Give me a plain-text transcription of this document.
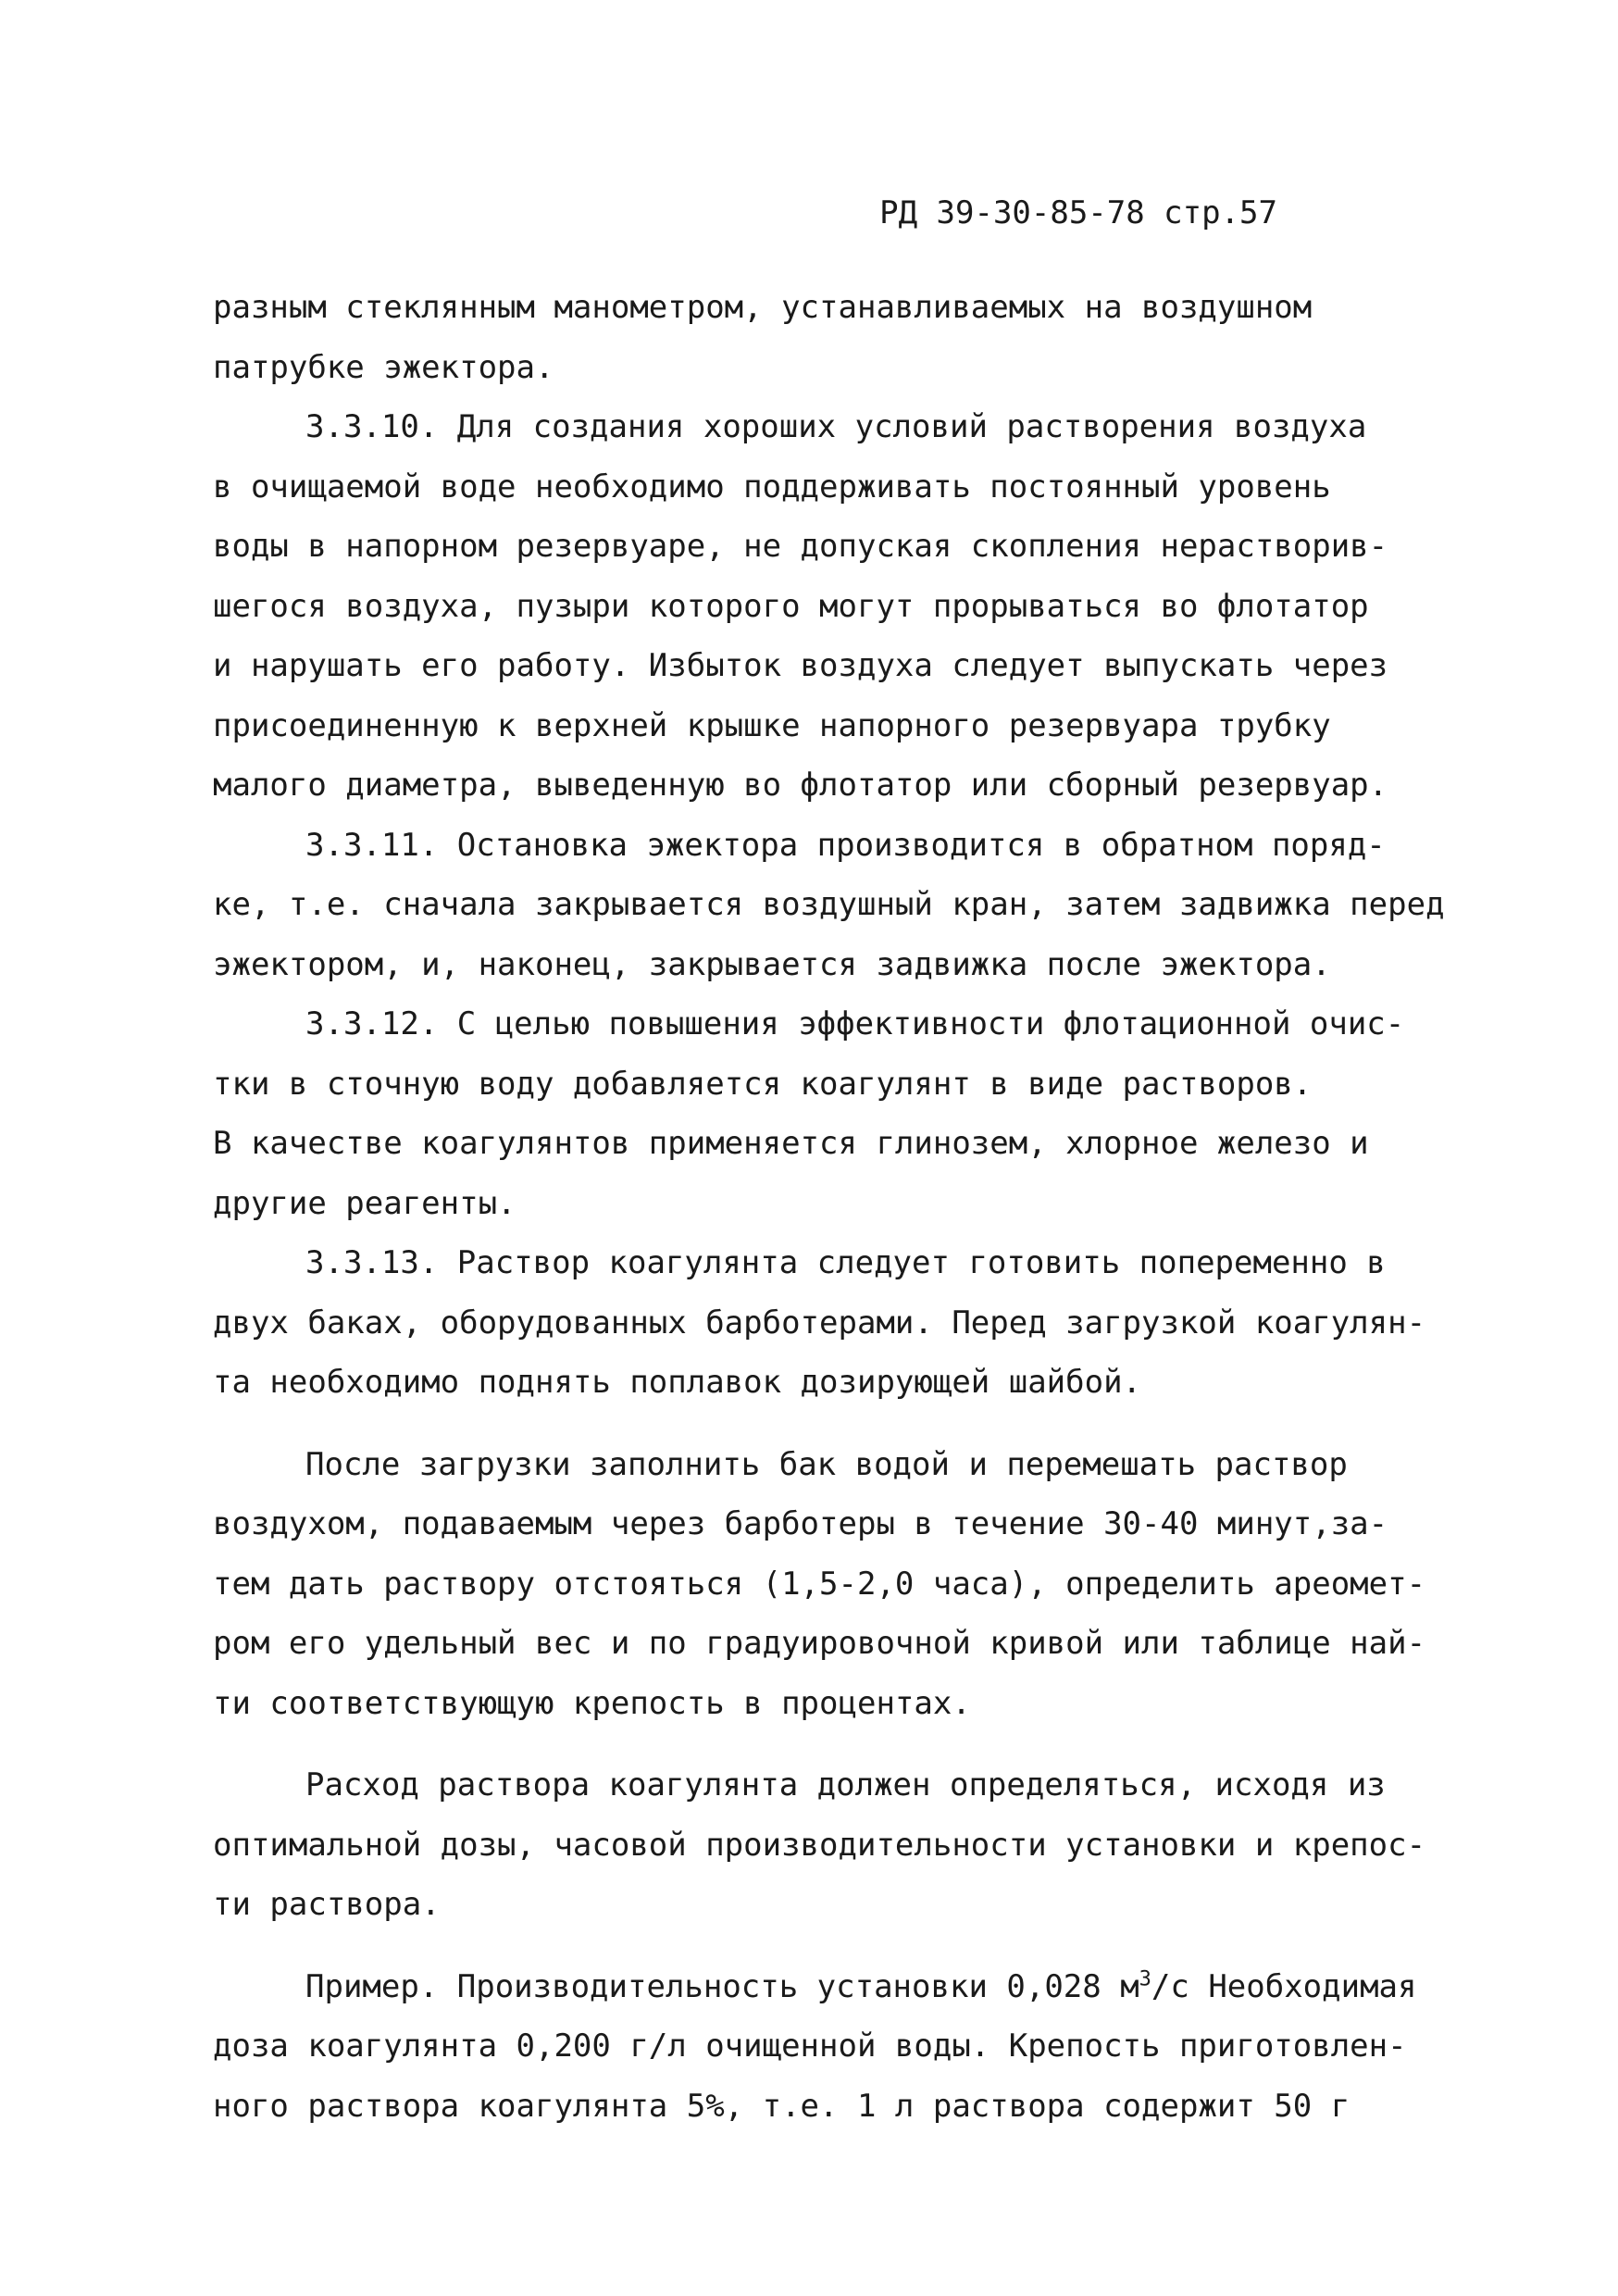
РД 39-30-85-78 стр.57
разным стеклянным манометром, устанавливаемых на воздушном
патрубке эжектора.
3.3.10. Для создания хороших условий растворения воздуха
в очищаемой воде необходимо поддерживать постоянный уровень
воды в напорном резервуаре, не допуская скопления нерастворив-
шегося воздуха, пузыри которого могут прорываться во флотатор
и нарушать его работу. Избыток воздуха следует выпускать через
присоединенную к верхней крышке напорного резервуара трубку
малого диаметра, выведенную во флотатор или сборный резервуар.
3.3.11. Остановка эжектора производится в обратном поряд-
ке, т.е. сначала закрывается воздушный кран, затем задвижка перед
эжектором, и, наконец, закрывается задвижка после эжектора.
3.3.12. С целью повышения эффективности флотационной очис-
тки в сточную воду добавляется коагулянт в виде растворов.
В качестве коагулянтов применяется глинозем, хлорное железо и
другие реагенты.
3.3.13. Раствор коагулянта следует готовить попеременно в
двух баках, оборудованных барботерами. Перед загрузкой коагулян-
та необходимо поднять поплавок дозирующей шайбой.
После загрузки заполнить бак водой и перемешать раствор
воздухом, подаваемым через барботеры в течение 30-40 минут,за-
тем дать раствору отстояться (1,5-2,0 часа), определить ареомет-
ром его удельный вес и по градуировочной кривой или таблице най-
ти соответствующую крепость в процентах.
Расход раствора коагулянта должен определяться, исходя из
оптимальной дозы, часовой производительности установки и крепос-
ти раствора.
Пример. Производительность установки 0,028 $м^3/с$ Необходимая
доза коагулянта 0,200 г/л очищенной воды. Крепость приготовлен-
ного раствора коагулянта 5%, т.е. 1 л раствора содержит 50 г
